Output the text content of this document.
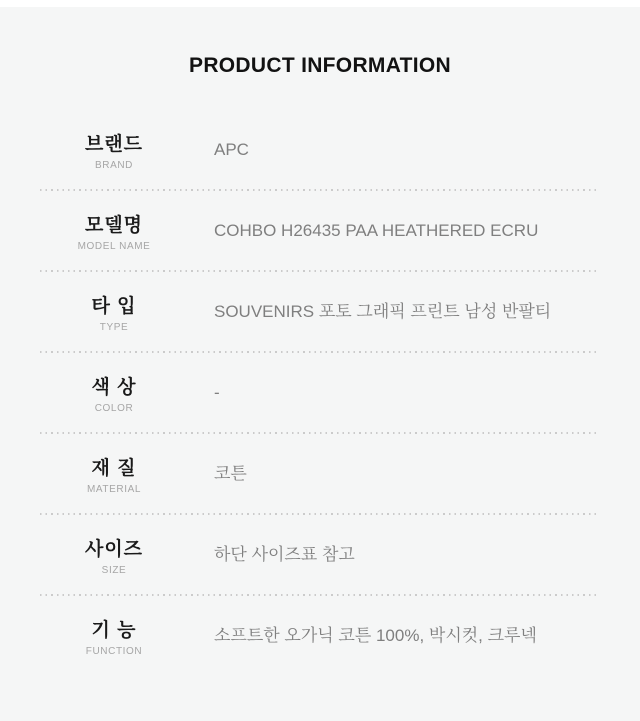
PRODUCT INFORMATION
브랜드
BRAND
APC
모델명
MODEL NAME
COHBO H26435 PAA HEATHERED ECRU
타 입
TYPE
SOUVENIRS 포토 그래픽 프린트 남성 반팔티
색 상
COLOR
-
재 질
MATERIAL
코튼
사이즈
SIZE
하단 사이즈표 참고
기 능
FUNCTION
소프트한 오가닉 코튼 100%, 박시컷, 크루넥
